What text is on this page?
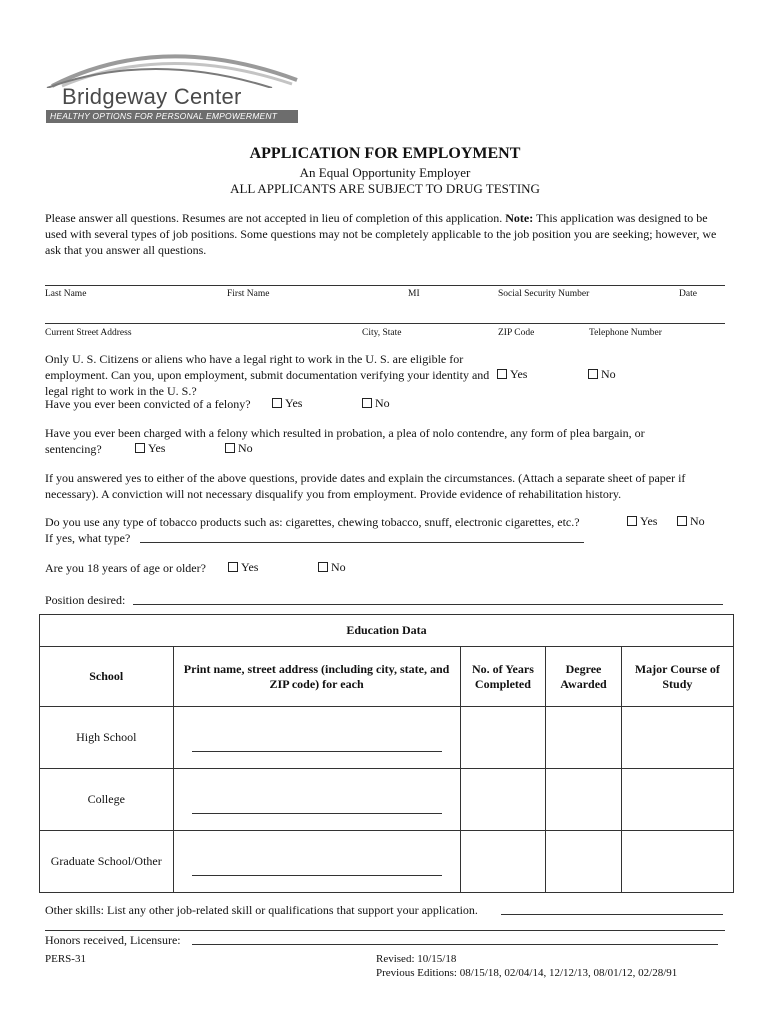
Bridgeway Center
HEALTHY OPTIONS FOR PERSONAL EMPOWERMENT
APPLICATION FOR EMPLOYMENT
An Equal Opportunity Employer
ALL APPLICANTS ARE SUBJECT TO DRUG TESTING
Please answer all questions. Resumes are not accepted in lieu of completion of this application. Note: This application was designed to be used with several types of job positions. Some questions may not be completely applicable to the job position you are seeking; however, we ask that you answer all questions.
Last Name	First Name	MI	Social Security Number	Date
Current Street Address	City, State	ZIP Code	Telephone Number
Only U. S. Citizens or aliens who have a legal right to work in the U. S. are eligible for employment. Can you, upon employment, submit documentation verifying your identity and legal right to work in the U. S.?
Yes	No
Have you ever been convicted of a felony?	Yes	No
Have you ever been charged with a felony which resulted in probation, a plea of nolo contendre, any form of plea bargain, or sentencing?	Yes	No
If you answered yes to either of the above questions, provide dates and explain the circumstances. (Attach a separate sheet of paper if necessary). A conviction will not necessary disqualify you from employment. Provide evidence of rehabilitation history.
Do you use any type of tobacco products such as: cigarettes, chewing tobacco, snuff, electronic cigarettes, etc.?	Yes	No
If yes, what type?
Are you 18 years of age or older?	Yes	No
Position desired:
Education Data				
School	Print name, street address (including city, state, and ZIP code) for each	No. of Years Completed	Degree Awarded	Major Course of Study
High School	

College	

Graduate School/Other	

Other skills: List any other job-related skill or qualifications that support your application.
Honors received, Licensure:
PERS-31	Revised: 10/15/18
Previous Editions: 08/15/18, 02/04/14, 12/12/13, 08/01/12, 02/28/91
